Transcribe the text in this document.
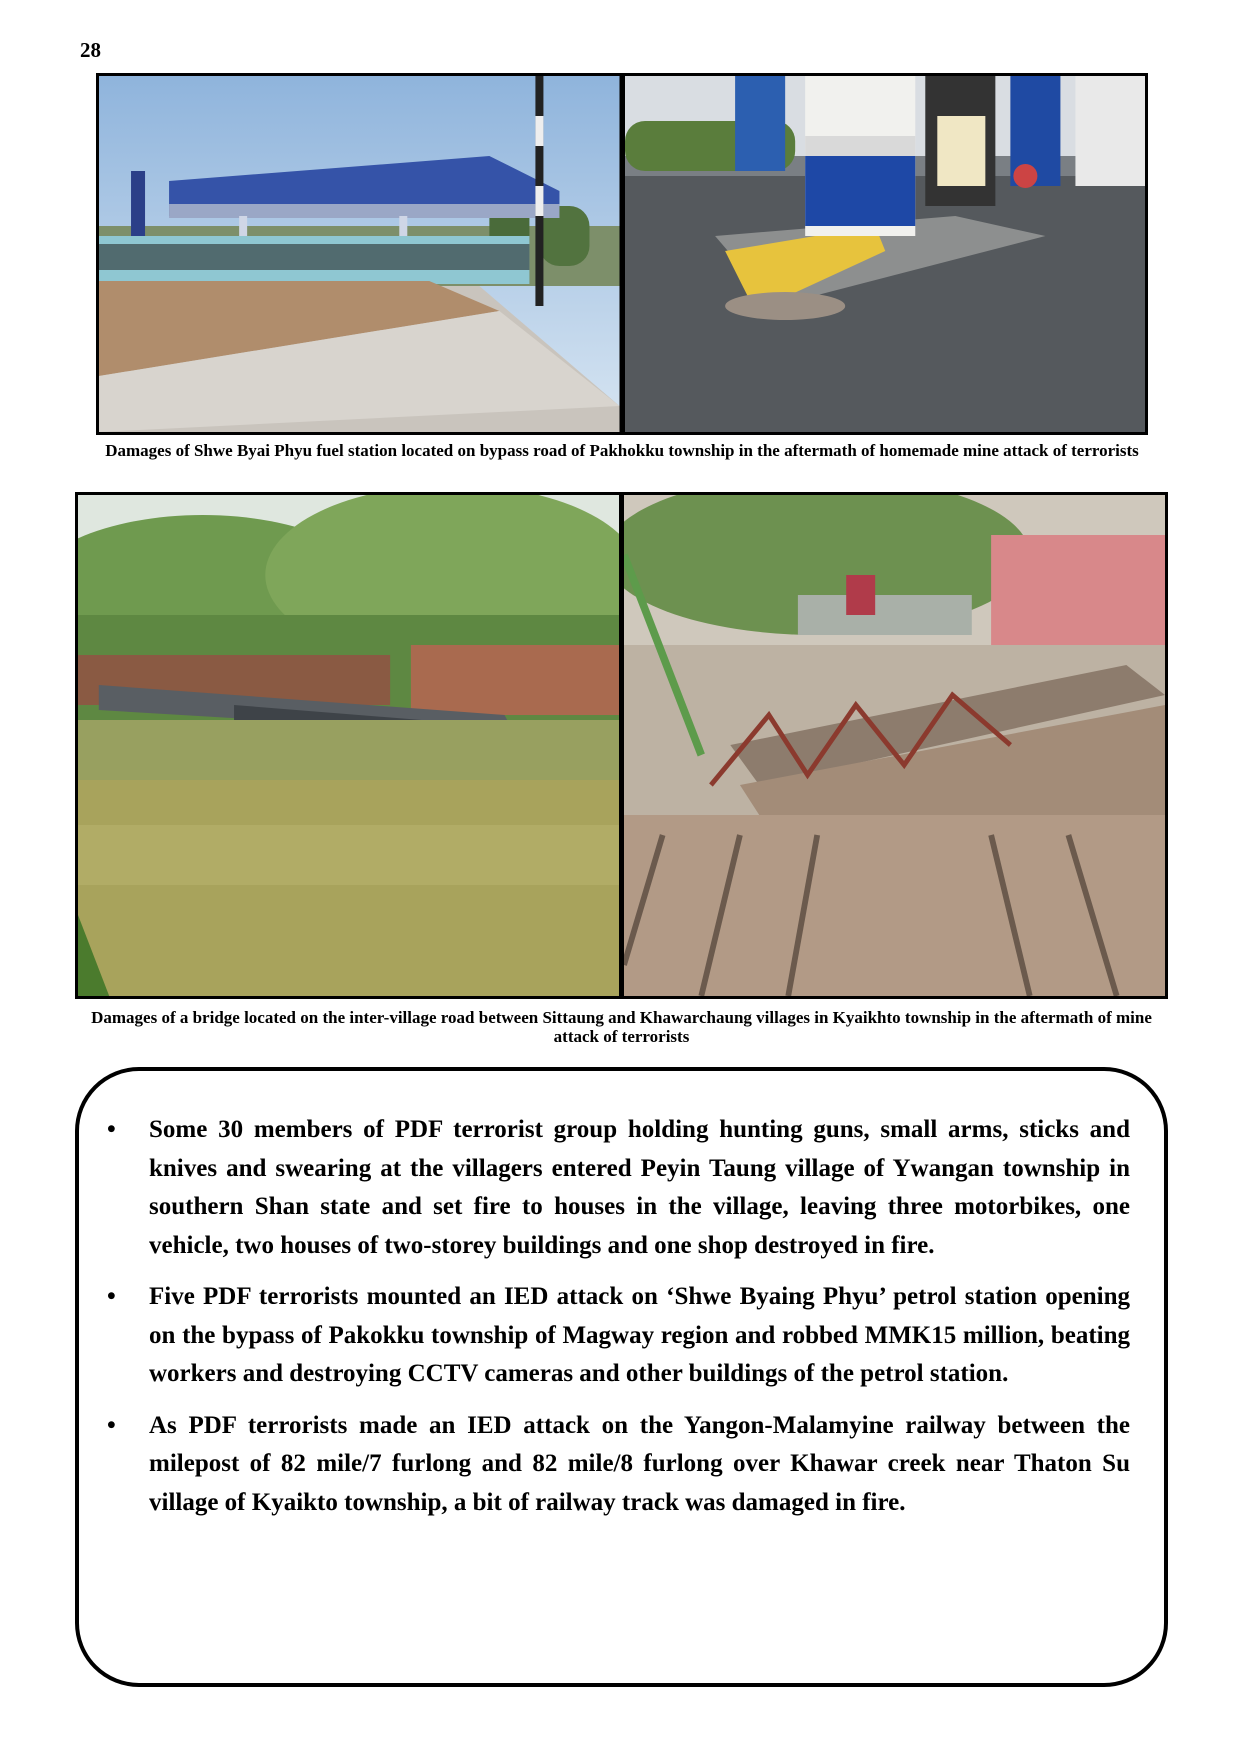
28
Damages of Shwe Byai Phyu fuel station located on bypass road of Pakhokku township in the aftermath of homemade mine attack of terrorists
Damages of a bridge located on the inter-village road between Sittaung and Khawarchaung villages in Kyaikhto township in the aftermath of mine attack of terrorists
• Some 30 members of PDF terrorist group holding hunting guns, small arms, sticks and knives and swearing at the villagers entered Peyin Taung village of Ywangan township in southern Shan state and set fire to houses in the village, leaving three motorbikes, one vehicle, two houses of two-storey buildings and one shop destroyed in fire.
• Five PDF terrorists mounted an IED attack on ‘Shwe Byaing Phyu’ petrol station opening on the bypass of Pakokku township of Magway region and robbed MMK15 million, beating workers and destroying CCTV cameras and other buildings of the petrol station.
• As PDF terrorists made an IED attack on the Yangon-Malamyine railway between the milepost of 82 mile/7 furlong and 82 mile/8 furlong over Khawar creek near Thaton Su village of Kyaikto township, a bit of railway track was damaged in fire.
